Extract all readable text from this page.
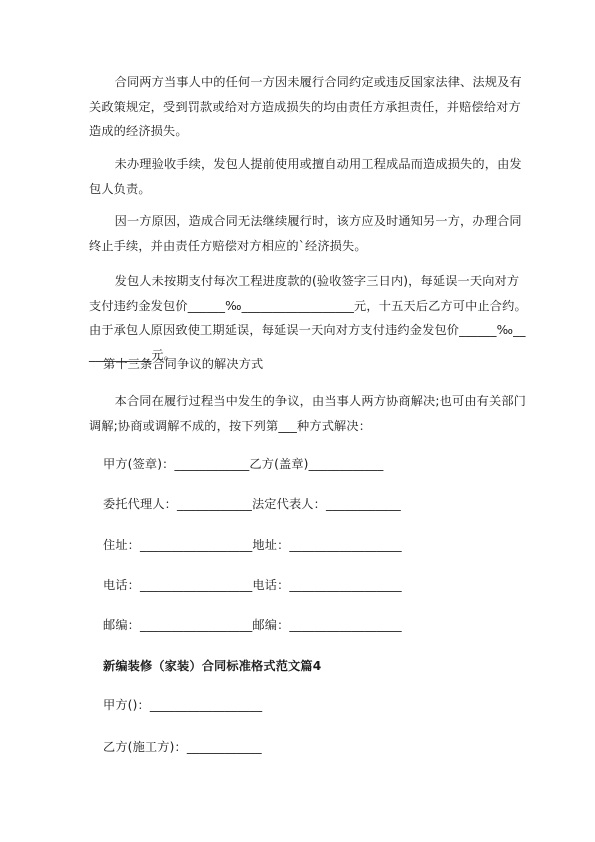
合同两方当事人中的任何一方因未履行合同约定或违反国家法律、法规及有关政策规定，受到罚款或给对方造成损失的均由责任方承担责任，并赔偿给对方造成的经济损失。

未办理验收手续，发包人提前使用或擅自动用工程成品而造成损失的，由发包人负责。

因一方原因，造成合同无法继续履行时，该方应及时通知另一方，办理合同终止手续，并由责任方赔偿对方相应的`经济损失。

发包人未按期支付每次工程进度款的(验收签字三日内)，每延误一天向对方支付违约金发包价______‰__________________元，十五天后乙方可中止合约。由于承包人原因致使工期延误，每延误一天向对方支付违约金发包价______‰____________元。

第十三条合同争议的解决方式

本合同在履行过程当中发生的争议，由当事人两方协商解决;也可由有关部门调解;协商或调解不成的，按下列第___种方式解决：

甲方(签章)：____________乙方(盖章)____________
委托代理人：____________法定代表人：____________
住址：__________________地址：__________________
电话：__________________电话：__________________
邮编：__________________邮编：__________________
新编装修（家装）合同标准格式范文篇4
甲方()：__________________
乙方(施工方)：____________
